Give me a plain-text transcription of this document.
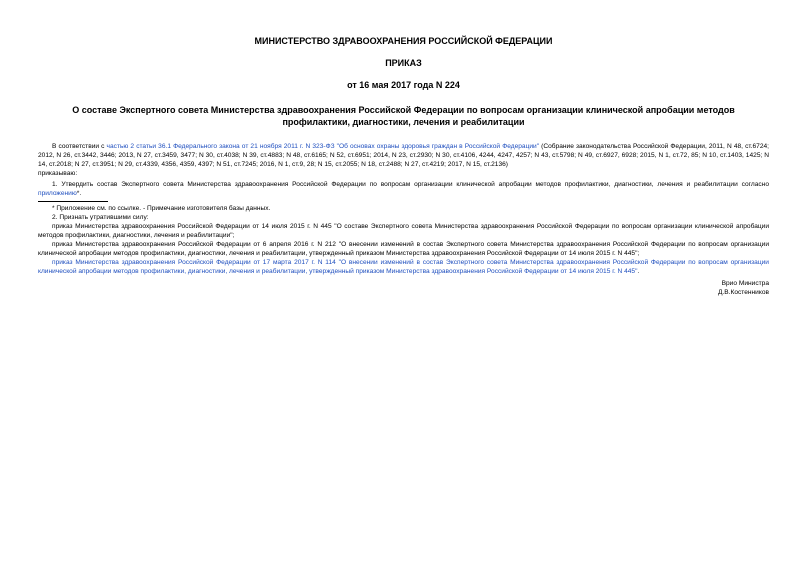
МИНИСТЕРСТВО ЗДРАВООХРАНЕНИЯ РОССИЙСКОЙ ФЕДЕРАЦИИ
ПРИКАЗ
от 16 мая 2017 года N 224
О составе Экспертного совета Министерства здравоохранения Российской Федерации по вопросам организации клинической апробации методов профилактики, диагностики, лечения и реабилитации

В соответствии с частью 2 статьи 36.1 Федерального закона от 21 ноября 2011 г. N 323-ФЗ "Об основах охраны здоровья граждан в Российской Федерации" (Собрание законодательства Российской Федерации, 2011, N 48, ст.6724; 2012, N 26, ст.3442, 3446; 2013, N 27, ст.3459, 3477; N 30, ст.4038; N 39, ст.4883; N 48, ст.6165; N 52, ст.6951; 2014, N 23, ст.2930; N 30, ст.4106, 4244, 4247, 4257; N 43, ст.5798; N 49, ст.6927, 6928; 2015, N 1, ст.72, 85; N 10, ст.1403, 1425; N 14, ст.2018; N 27, ст.3951; N 29, ст.4339, 4356, 4359, 4397; N 51, ст.7245; 2016, N 1, ст.9, 28; N 15, ст.2055; N 18, ст.2488; N 27, ст.4219; 2017, N 15, ст.2136)

приказываю:

1. Утвердить состав Экспертного совета Министерства здравоохранения Российской Федерации по вопросам организации клинической апробации методов профилактики, диагностики, лечения и реабилитации согласно приложению*.

* Приложение см. по ссылке. - Примечание изготовителя базы данных.

2. Признать утратившими силу:

приказ Министерства здравоохранения Российской Федерации от 14 июля 2015 г. N 445 "О составе Экспертного совета Министерства здравоохранения Российской Федерации по вопросам организации клинической апробации методов профилактики, диагностики, лечения и реабилитации";

приказ Министерства здравоохранения Российской Федерации от 6 апреля 2016 г. N 212 "О внесении изменений в состав Экспертного совета Министерства здравоохранения Российской Федерации по вопросам организации клинической апробации методов профилактики, диагностики, лечения и реабилитации, утвержденный приказом Министерства здравоохранения Российской Федерации от 14 июля 2015 г. N 445";

приказ Министерства здравоохранения Российской Федерации от 17 марта 2017 г. N 114 "О внесении изменений в состав Экспертного совета Министерства здравоохранения Российской Федерации по вопросам организации клинической апробации методов профилактики, диагностики, лечения и реабилитации, утвержденный приказом Министерства здравоохранения Российской Федерации от 14 июля 2015 г. N 445".

Врио Министра
Д.В.Костенников
